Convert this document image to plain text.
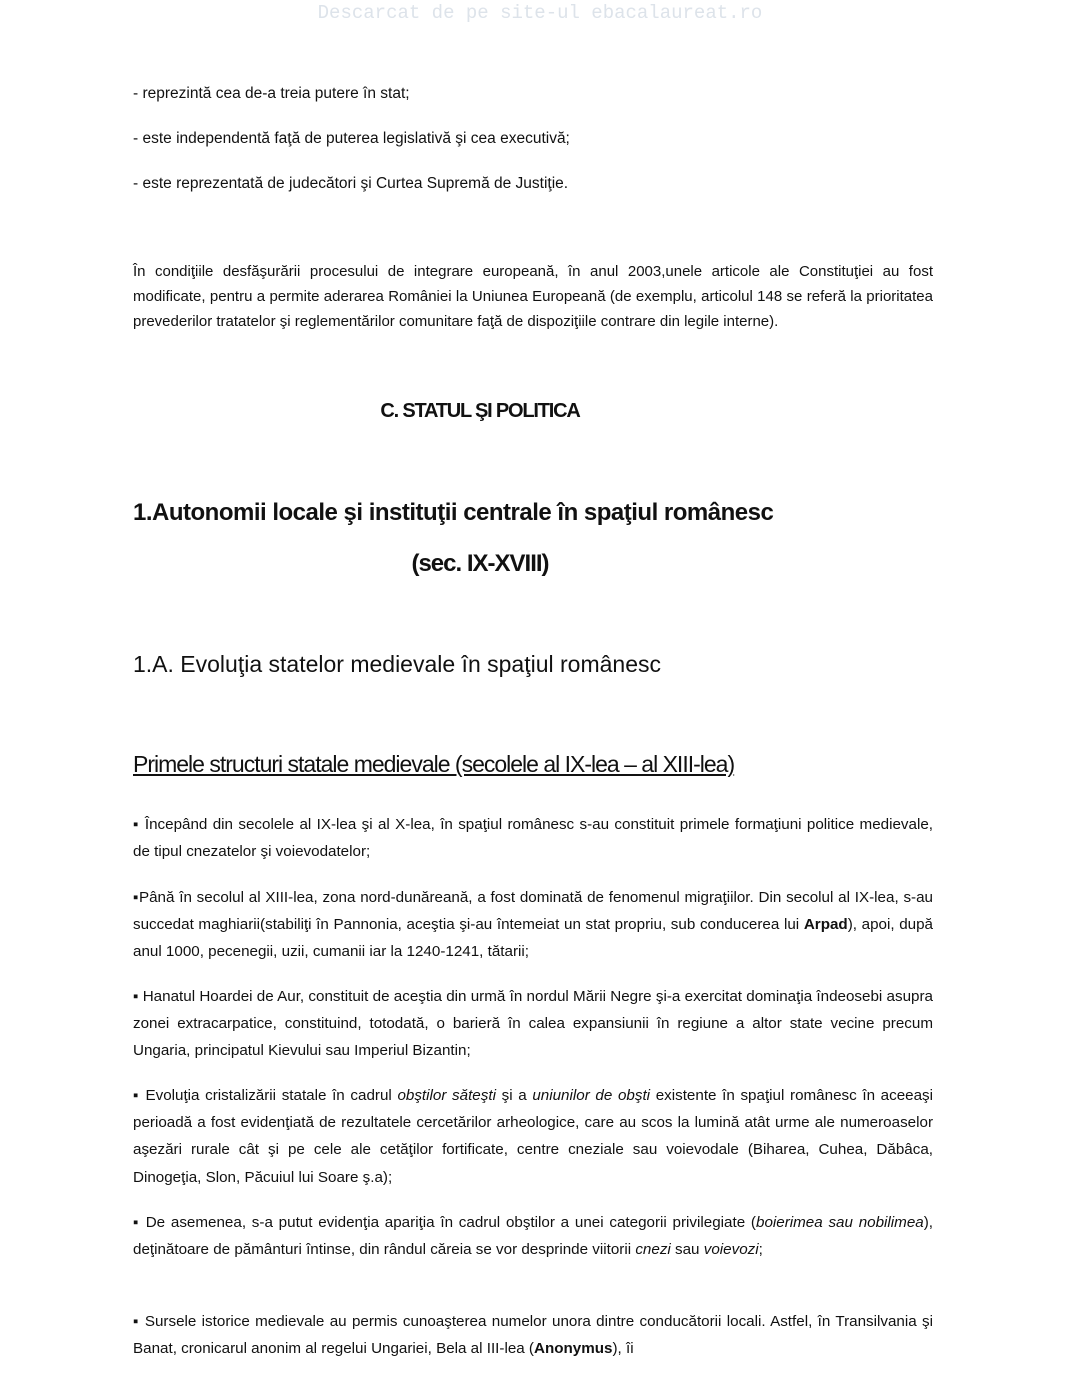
Descarcat de pe site-ul ebacalaureat.ro
- reprezintă cea de-a treia putere în stat;
- este independentă faţă de puterea legislativă şi cea executivă;
- este reprezentată de judecători şi Curtea Supremă de Justiţie.
În condiţiile desfăşurării procesului de integrare europeană, în anul 2003,unele articole ale Constituţiei au fost modificate, pentru a permite aderarea României la Uniunea Europeană (de exemplu, articolul 148 se referă la prioritatea prevederilor tratatelor şi reglementărilor comunitare faţă de dispoziţiile contrare din legile interne).
C. STATUL ŞI POLITICA
1.Autonomii locale şi instituţii centrale în spaţiul românesc
(sec. IX-XVIII)
1.A. Evoluţia statelor medievale în spaţiul românesc
Primele structuri statale medievale (secolele al IX-lea – al XIII-lea)
▪ Începând din secolele al IX-lea şi al X-lea, în spaţiul românesc s-au constituit primele formaţiuni politice medievale, de tipul cnezatelor şi voievodatelor;
▪Până în secolul al XIII-lea, zona nord-dunăreană, a fost dominată de fenomenul migraţiilor. Din secolul al IX-lea, s-au succedat maghiarii(stabiliţi în Pannonia, aceştia şi-au întemeiat un stat propriu, sub conducerea lui Arpad), apoi, după anul 1000, pecenegii, uzii, cumanii iar la 1240-1241, tătarii;
▪ Hanatul Hoardei de Aur, constituit de aceştia din urmă în nordul Mării Negre şi-a exercitat dominaţia îndeosebi asupra zonei extracarpatice, constituind, totodată, o barieră în calea expansiunii în regiune a altor state vecine precum Ungaria, principatul Kievului sau Imperiul Bizantin;
▪ Evoluţia cristalizării statale în cadrul obştilor săteşti şi a uniunilor de obşti existente în spaţiul românesc în aceeaşi perioadă a fost evidenţiată de rezultatele cercetărilor arheologice, care au scos la lumină atât urme ale numeroaselor aşezări rurale cât şi pe cele ale cetăţilor fortificate, centre cneziale sau voievodale (Biharea, Cuhea, Dăbâca, Dinogeţia, Slon, Păcuiul lui Soare ş.a);
▪ De asemenea, s-a putut evidenţia apariţia în cadrul obştilor a unei categorii privilegiate (boierimea sau nobilimea), deţinătoare de pământuri întinse, din rândul căreia se vor desprinde viitorii cnezi sau voievozi;
▪ Sursele istorice medievale au permis cunoaşterea numelor unora dintre conducătorii locali. Astfel, în Transilvania şi Banat, cronicarul anonim al regelui Ungariei, Bela al III-lea (Anonymus), îi
